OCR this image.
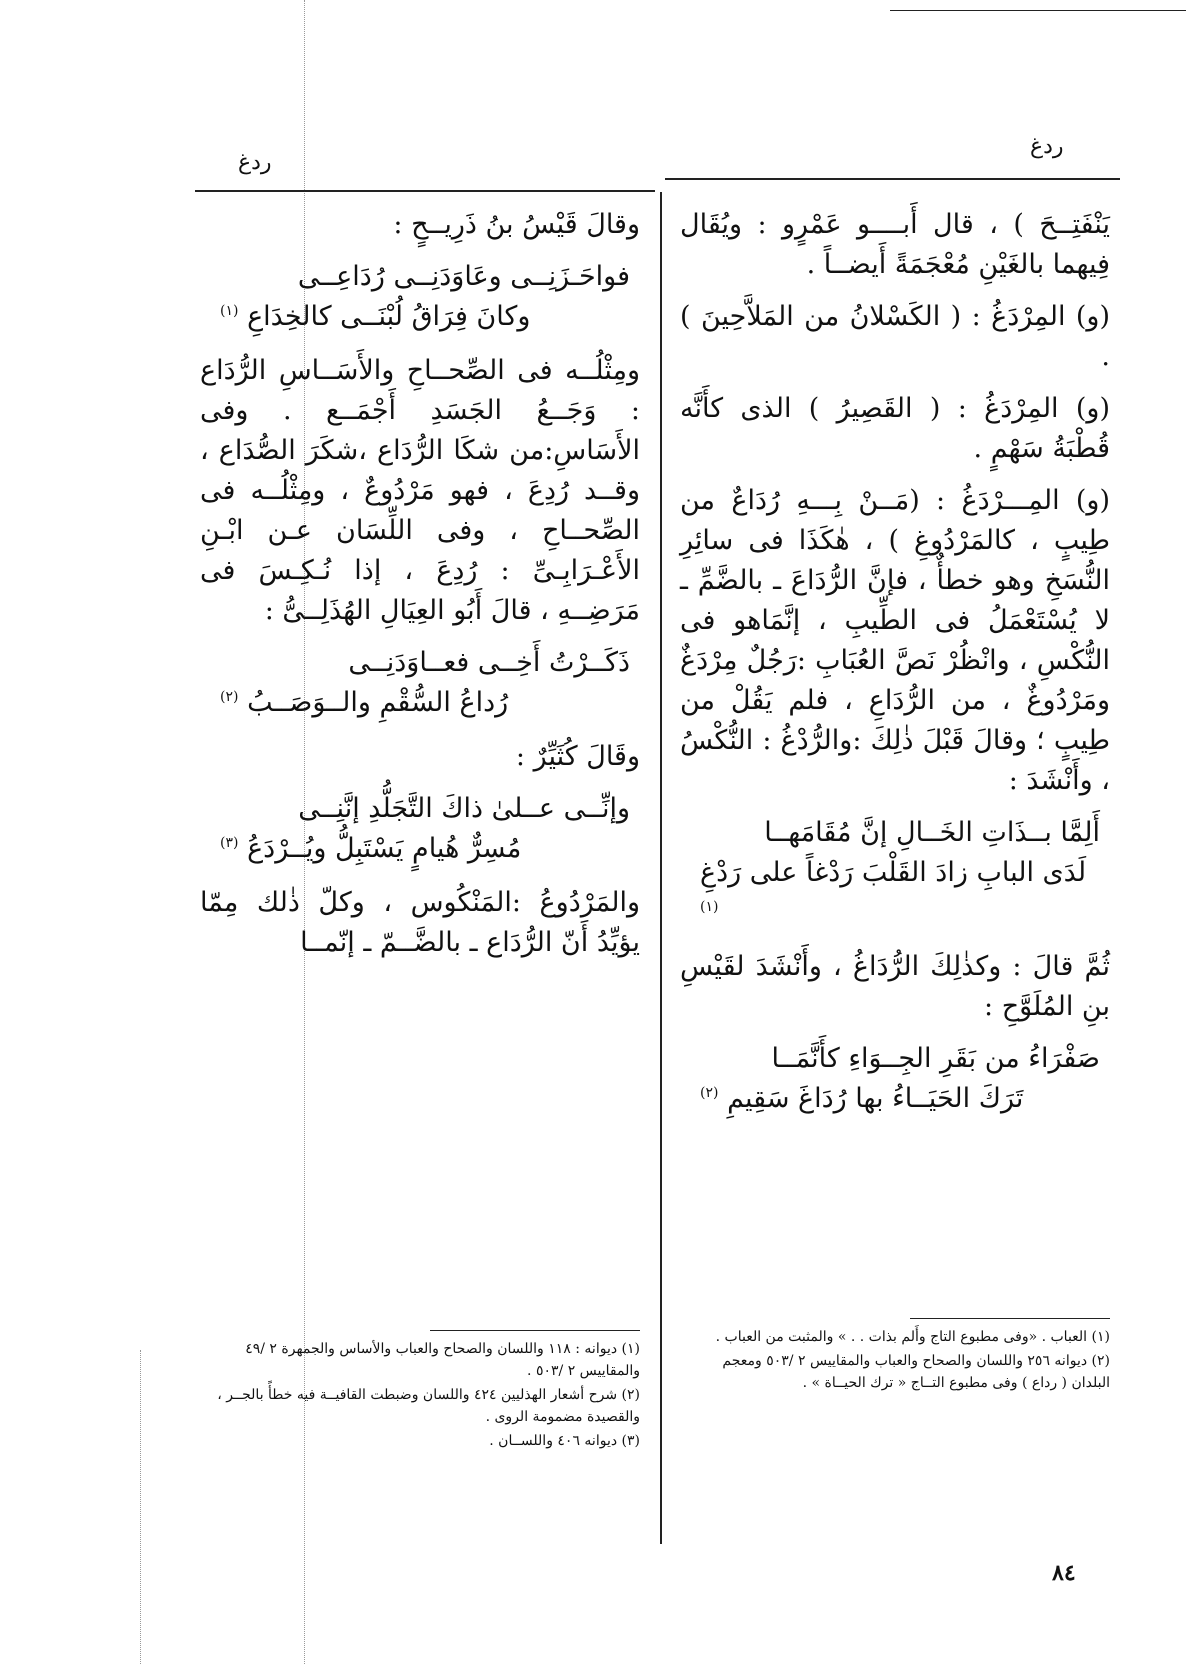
ردغ
ردغ

يَنْفَتِــحَ ) ، قال أَبــــو عَمْرٍو : ويُقَال فِيهما بالغَيْنِ مُعْجَمَةً أَيضــاً .

(و) المِرْدَغُ : ( الكَسْلانُ من المَلاَّحِينَ ) .

(و) المِرْدَغُ : ( القَصِيرُ ) الذى كأَنَّه قُطْبَةُ سَهْمٍ .

(و) المِـــرْدَغُ : (مَــنْ بِـــهِ رُدَاعٌ من طِيبٍ ، كالمَرْدُوغِ ) ، هٰكَذَا فى سائِرِ النُّسَخِ وهو خطأٌ ، فإنَّ الرُّدَاعَ ـ بالضَّمِّ ـ لا يُسْتَعْمَلُ فى الطِّيبِ ، إنَّمَاهو فى النُّكْسِ ، وانْظُرْ نَصَّ العُبَابِ :رَجُلٌ مِرْدَغٌ ومَرْدُوغٌ ، من الرُّدَاعِ ، فلم يَقُلْ من طِيبٍ ؛ وقالَ قَبْلَ ذٰلِكَ :والرُّدْغُ : النُّكْسُ ، وأَنْشَدَ :

أَلِمَّا بــذَاتِ الخَــالِ إنَّ مُقَامَهــا
لَدَى البابِ زادَ القَلْبَ رَدْغاً على رَدْغِ $^{(١)}$

ثُمَّ قالَ : وكذٰلِكَ الرُّدَاغُ ، وأَنْشَدَ لقَيْسِ بنِ المُلَوَّحِ :

صَفْرَاءُ من بَقَرِ الجِــوَاءِ كأَنَّمَــا
تَرَكَ الحَيَــاءُ بها رُدَاغَ سَقِيمِ $^{(٢)}$
(١) العباب . «وفى مطبوع التاج وأَلم بذات . . » والمثبت من العباب .
(٢) ديوانه ٢٥٦ واللسان والصحاح والعباب والمقاييس ٢ /٥٠٣ ومعجم البلدان ( رداع ) وفى مطبوع التــاج « ترك الحيــاة » .

وقالَ قَيْسُ بنُ ذَرِيــحٍ :

فواحَـزَنِــى وعَاوَدَنِــى رُدَاعِــى
وكانَ فِرَاقُ لُبْنَــى كالخِدَاعِ $^{(١)}$

ومِثْلُــه فى الصِّحــاحِ والأَسَــاسِ الرُّدَاع : وَجَــعُ الجَسَدِ أَجْمَــع . وفى الأَسَاسِ:من شكَا الرُّدَاع ،شكَرَ الصُّدَاع ، وقــد رُدِعَ ، فهو مَرْدُوعٌ ، ومِثْلُــه فى الصِّحــاحِ ، وفى اللِّسَان عـن ابْـنِ الأَعْـرَابِـىِّ : رُدِعَ ، إذا نُـكِـسَ فى مَرَضِــهِ ، قالَ أَبُو العِيَالِ الهُذَلِــىُّ :

ذَكَــرْتُ أَخِــى فعــاوَدَنِــى
رُداعُ السُّقْمِ والــوَصَــبُ $^{(٢)}$

وقَالَ كُثَيِّرٌ :

وإنِّــى عــلىٰ ذاكَ التَّجَلُّدِ إنَّنِــى
مُسِرٌّ هُيامٍ يَسْتَبِلُّ ويُــرْدَعُ $^{(٣)}$

والمَرْدُوعُ :المَنْكُوس ، وكلّ ذٰلك مِمّا يؤيِّدُ أَنّ الرُّدَاع ـ بالضَّــمّ ـ إنّمــا

(١) ديوانه : ١١٨ واللسان والصحاح والعباب والأساس والجمهرة ٢ /٤٩ والمقاييس ٢ /٥٠٣ .
(٢) شرح أشعار الهذليين ٤٢٤ واللسان وضبطت القافيــة فيه خطأً بالجــر ، والقصيدة مضمومة الروى .
(٣) ديوانه ٤٠٦ واللســان .
٨٤
